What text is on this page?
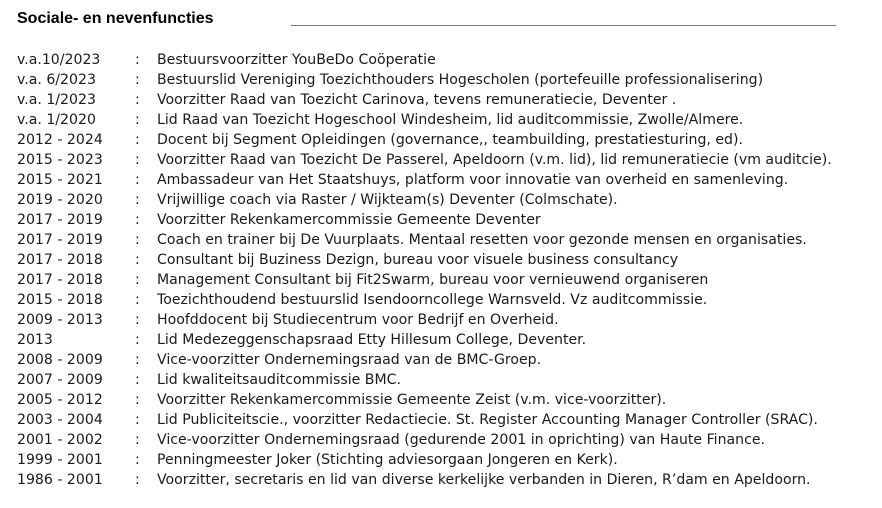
Sociale- en nevenfuncties
v.a.10/2023	:	Bestuursvoorzitter YouBeDo Coöperatie
v.a. 6/2023	:	Bestuurslid Vereniging Toezichthouders Hogescholen (portefeuille professionalisering)
v.a. 1/2023	:	Voorzitter Raad van Toezicht Carinova, tevens remuneratiecie, Deventer .
v.a. 1/2020	:	Lid Raad van Toezicht Hogeschool Windesheim, lid auditcommissie, Zwolle/Almere.
2012 - 2024	:	Docent bij Segment Opleidingen (governance,, teambuilding, prestatiesturing, ed).
2015 - 2023	:	Voorzitter Raad van Toezicht De Passerel, Apeldoorn (v.m. lid), lid remuneratiecie (vm auditcie).
2015 - 2021	:	Ambassadeur van Het Staatshuys, platform voor innovatie van overheid en samenleving.
2019 - 2020	:	Vrijwillige coach via Raster / Wijkteam(s) Deventer (Colmschate).
2017 - 2019	:	Voorzitter Rekenkamercommissie Gemeente Deventer
2017 - 2019	:	Coach en trainer bij De Vuurplaats. Mentaal resetten voor gezonde mensen en organisaties.
2017 - 2018	:	Consultant bij Buziness Dezign, bureau voor visuele business consultancy
2017 - 2018	:	Management Consultant bij Fit2Swarm, bureau voor vernieuwend organiseren
2015 - 2018	:	Toezichthoudend bestuurslid Isendoorncollege Warnsveld. Vz auditcommissie.
2009 - 2013	:	Hoofddocent bij Studiecentrum voor Bedrijf en Overheid.
2013	:	Lid Medezeggenschapsraad Etty Hillesum College, Deventer.
2008 - 2009	:	Vice-voorzitter Ondernemingsraad van de BMC-Groep.
2007 - 2009	:	Lid kwaliteitsauditcommissie BMC.
2005 - 2012	:	Voorzitter Rekenkamercommissie Gemeente Zeist (v.m. vice-voorzitter).
2003 - 2004	:	Lid Publiciteitscie., voorzitter Redactiecie. St. Register Accounting Manager Controller (SRAC).
2001 - 2002	:	Vice-voorzitter Ondernemingsraad (gedurende 2001 in oprichting) van Haute Finance.
1999 - 2001	:	Penningmeester Joker (Stichting adviesorgaan Jongeren en Kerk).
1986 - 2001	:	Voorzitter, secretaris en lid van diverse kerkelijke verbanden in Dieren, R’dam en Apeldoorn.
